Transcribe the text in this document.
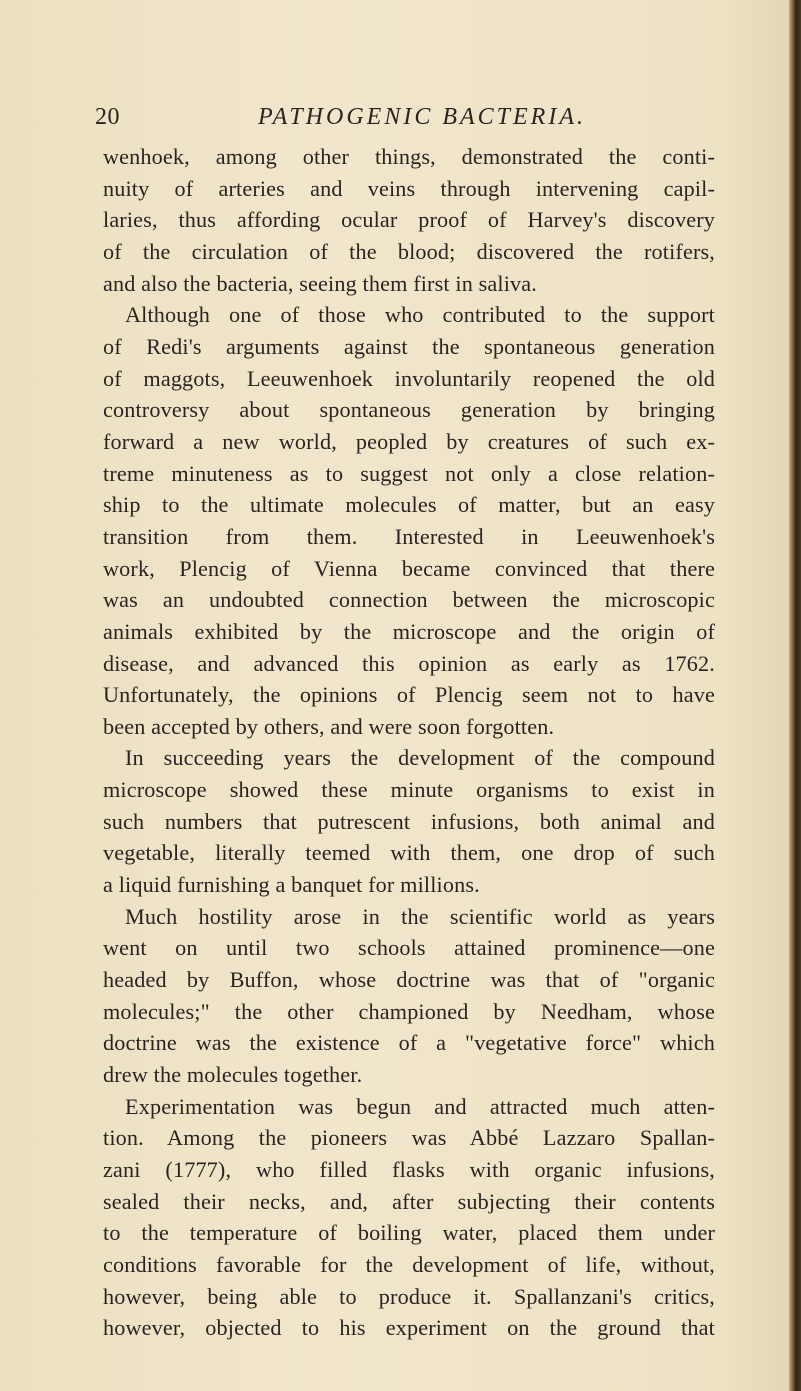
20	PATHOGENIC BACTERIA.
wenhoek, among other things, demonstrated the conti-
nuity of arteries and veins through intervening capil-
laries, thus affording ocular proof of Harvey's discovery
of the circulation of the blood; discovered the rotifers,
and also the bacteria, seeing them first in saliva.
Although one of those who contributed to the support
of Redi's arguments against the spontaneous generation
of maggots, Leeuwenhoek involuntarily reopened the old
controversy about spontaneous generation by bringing
forward a new world, peopled by creatures of such ex-
treme minuteness as to suggest not only a close relation-
ship to the ultimate molecules of matter, but an easy
transition from them. Interested in Leeuwenhoek's
work, Plencig of Vienna became convinced that there
was an undoubted connection between the microscopic
animals exhibited by the microscope and the origin of
disease, and advanced this opinion as early as 1762.
Unfortunately, the opinions of Plencig seem not to have
been accepted by others, and were soon forgotten.
In succeeding years the development of the compound
microscope showed these minute organisms to exist in
such numbers that putrescent infusions, both animal and
vegetable, literally teemed with them, one drop of such
a liquid furnishing a banquet for millions.
Much hostility arose in the scientific world as years
went on until two schools attained prominence—one
headed by Buffon, whose doctrine was that of "organic
molecules;" the other championed by Needham, whose
doctrine was the existence of a "vegetative force" which
drew the molecules together.
Experimentation was begun and attracted much atten-
tion. Among the pioneers was Abbé Lazzaro Spallan-
zani (1777), who filled flasks with organic infusions,
sealed their necks, and, after subjecting their contents
to the temperature of boiling water, placed them under
conditions favorable for the development of life, without,
however, being able to produce it. Spallanzani's critics,
however, objected to his experiment on the ground that
